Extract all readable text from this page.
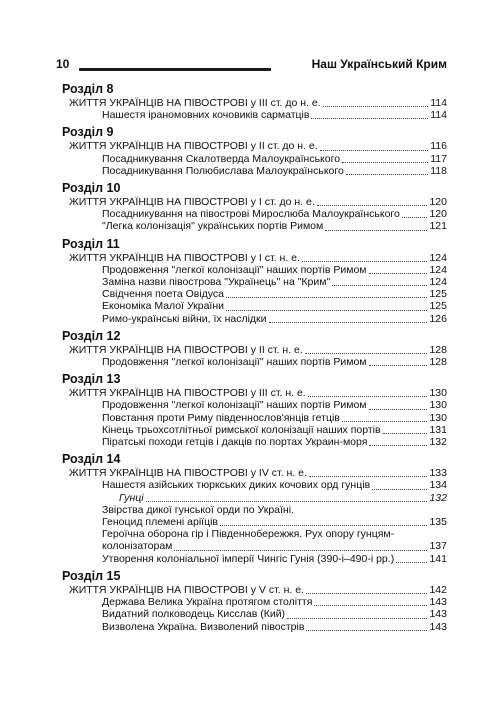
10	Наш Український Крим
Розділ 8
ЖИТТЯ УКРАЇНЦІВ НА ПІВОСТРОВІ у ІІІ ст. до н. е.	114
Нашестя іраномовних кочовиків сарматців	114
Розділ 9
ЖИТТЯ УКРАЇНЦІВ НА ПІВОСТРОВІ у ІІ ст. до н. е.	116
Посадникування Скалотверда Малоукраїнського	117
Посадникування Полюбислава Малоукраїнського	118
Розділ 10
ЖИТТЯ УКРАЇНЦІВ НА ПІВОСТРОВІ у І ст. до н. е.	120
Посадникування на півострові Мирослюба Малоукраїнського	120
"Легка колонізація" українських портів Римом	121
Розділ 11
ЖИТТЯ УКРАЇНЦІВ НА ПІВОСТРОВІ у І ст. н. е.	124
Продовження "легкої колонізації" наших портів Римом	124
Заміна назви півострова "Українець" на "Крим"	124
Свідчення поета Овідуса	125
Економіка Малої України	125
Римо-українські війни, їх наслідки	126
Розділ 12
ЖИТТЯ УКРАЇНЦІВ НА ПІВОСТРОВІ у ІІ ст. н. е.	128
Продовження "легкої колонізації" наших портів Римом	128
Розділ 13
ЖИТТЯ УКРАЇНЦІВ НА ПІВОСТРОВІ у ІІІ ст. н. е.	130
Продовження "легкої колонізації" наших портів Римом	130
Повстання проти Риму південнослов'янців гетців	130
Кінець трьохсотлітньої римської колонізації наших портів	131
Піратські походи гетців і дакців по портах Украин-моря	132
Розділ 14
ЖИТТЯ УКРАЇНЦІВ НА ПІВОСТРОВІ у ІV ст. н. е.	133
Нашестя азійських тюркських диких кочових орд гунців	134
Гунці	132
Звірства дикої гунської орди по Україні.
Геноцид племені аріїців	135
Героїчна оборона гір і Південнобережжя. Рух опору гунцям-
колонізаторам	137
Утворення колоніальної імперії Чингіс Гунія (390-і–490-і рр.)	141
Розділ 15
ЖИТТЯ УКРАЇНЦІВ НА ПІВОСТРОВІ у V ст. н. е.	142
Держава Велика Україна протягом століття	143
Видатний полководець Кисслав (Кий)	143
Визволена Україна. Визволений півострів	143
